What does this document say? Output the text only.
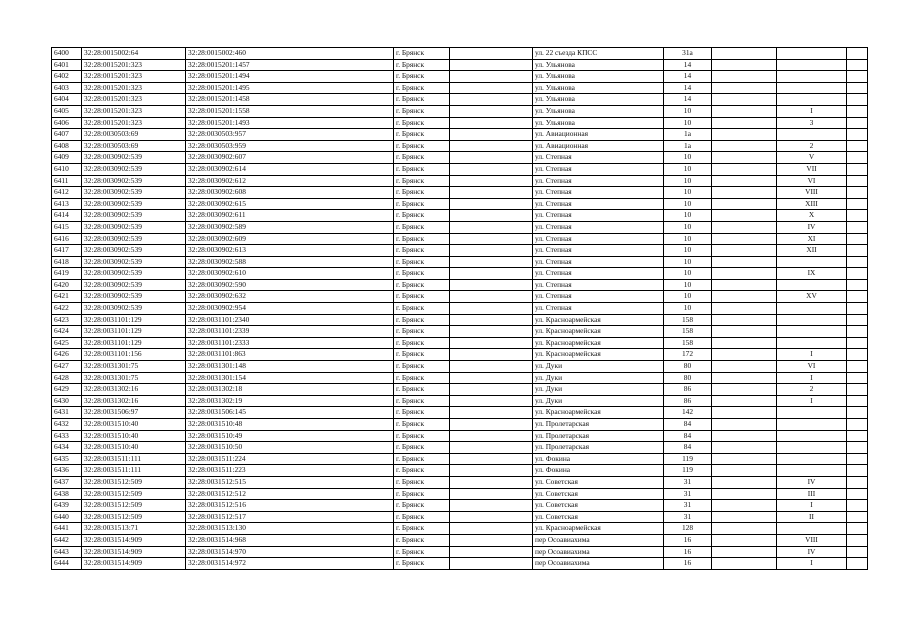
6400	32:28:0015002:64	32:28:0015002:460	г. Брянск		ул. 22 съезда КПСС	31а			
6401	32:28:0015201:323	32:28:0015201:1457	г. Брянск		ул. Ульянова	14			
6402	32:28:0015201:323	32:28:0015201:1494	г. Брянск		ул. Ульянова	14			
6403	32:28:0015201:323	32:28:0015201:1495	г. Брянск		ул. Ульянова	14			
6404	32:28:0015201:323	32:28:0015201:1458	г. Брянск		ул. Ульянова	14			
6405	32:28:0015201:323	32:28:0015201:1558	г. Брянск		ул. Ульянова	10		I	
6406	32:28:0015201:323	32:28:0015201:1493	г. Брянск		ул. Ульянова	10		3	
6407	32:28:0030503:69	32:28:0030503:957	г. Брянск		ул. Авиационная	1а			
6408	32:28:0030503:69	32:28:0030503:959	г. Брянск		ул. Авиационная	1а		2	
6409	32:28:0030902:539	32:28:0030902:607	г. Брянск		ул. Степная	10		V	
6410	32:28:0030902:539	32:28:0030902:614	г. Брянск		ул. Степная	10		VII	
6411	32:28:0030902:539	32:28:0030902:612	г. Брянск		ул. Степная	10		VI	
6412	32:28:0030902:539	32:28:0030902:608	г. Брянск		ул. Степная	10		VIII	
6413	32:28:0030902:539	32:28:0030902:615	г. Брянск		ул. Степная	10		XIII	
6414	32:28:0030902:539	32:28:0030902:611	г. Брянск		ул. Степная	10		X	
6415	32:28:0030902:539	32:28:0030902:589	г. Брянск		ул. Степная	10		IV	
6416	32:28:0030902:539	32:28:0030902:609	г. Брянск		ул. Степная	10		XI	
6417	32:28:0030902:539	32:28:0030902:613	г. Брянск		ул. Степная	10		XII	
6418	32:28:0030902:539	32:28:0030902:588	г. Брянск		ул. Степная	10			
6419	32:28:0030902:539	32:28:0030902:610	г. Брянск		ул. Степная	10		IX	
6420	32:28:0030902:539	32:28:0030902:590	г. Брянск		ул. Степная	10			
6421	32:28:0030902:539	32:28:0030902:632	г. Брянск		ул. Степная	10		XV	
6422	32:28:0030902:539	32:28:0030902:954	г. Брянск		ул. Степная	10			
6423	32:28:0031101:129	32:28:0031101:2340	г. Брянск		ул. Красноармейская	158			
6424	32:28:0031101:129	32:28:0031101:2339	г. Брянск		ул. Красноармейская	158			
6425	32:28:0031101:129	32:28:0031101:2333	г. Брянск		ул. Красноармейская	158			
6426	32:28:0031101:156	32:28:0031101:863	г. Брянск		ул. Красноармейская	172		I	
6427	32:28:0031301:75	32:28:0031301:148	г. Брянск		ул. Дуки	80		VI	
6428	32:28:0031301:75	32:28:0031301:154	г. Брянск		ул. Дуки	80		I	
6429	32:28:0031302:16	32:28:0031302:18	г. Брянск		ул. Дуки	86		2	
6430	32:28:0031302:16	32:28:0031302:19	г. Брянск		ул. Дуки	86		I	
6431	32:28:0031506:97	32:28:0031506:145	г. Брянск		ул. Красноармейская	142			
6432	32:28:0031510:40	32:28:0031510:48	г. Брянск		ул. Пролетарская	84			
6433	32:28:0031510:40	32:28:0031510:49	г. Брянск		ул. Пролетарская	84			
6434	32:28:0031510:40	32:28:0031510:50	г. Брянск		ул. Пролетарская	84			
6435	32:28:0031511:111	32:28:0031511:224	г. Брянск		ул. Фокина	119			
6436	32:28:0031511:111	32:28:0031511:223	г. Брянск		ул. Фокина	119			
6437	32:28:0031512:509	32:28:0031512:515	г. Брянск		ул. Советская	31		IV	
6438	32:28:0031512:509	32:28:0031512:512	г. Брянск		ул. Советская	31		III	
6439	32:28:0031512:509	32:28:0031512:516	г. Брянск		ул. Советская	31		I	
6440	32:28:0031512:509	32:28:0031512:517	г. Брянск		ул. Советская	31		II	
6441	32:28:0031513:71	32:28:0031513:130	г. Брянск		ул. Красноармейская	128			
6442	32:28:0031514:909	32:28:0031514:968	г. Брянск		пер Осоавиахима	16		VIII	
6443	32:28:0031514:909	32:28:0031514:970	г. Брянск		пер Осоавиахима	16		IV	
6444	32:28:0031514:909	32:28:0031514:972	г. Брянск		пер Осоавиахима	16		I	
